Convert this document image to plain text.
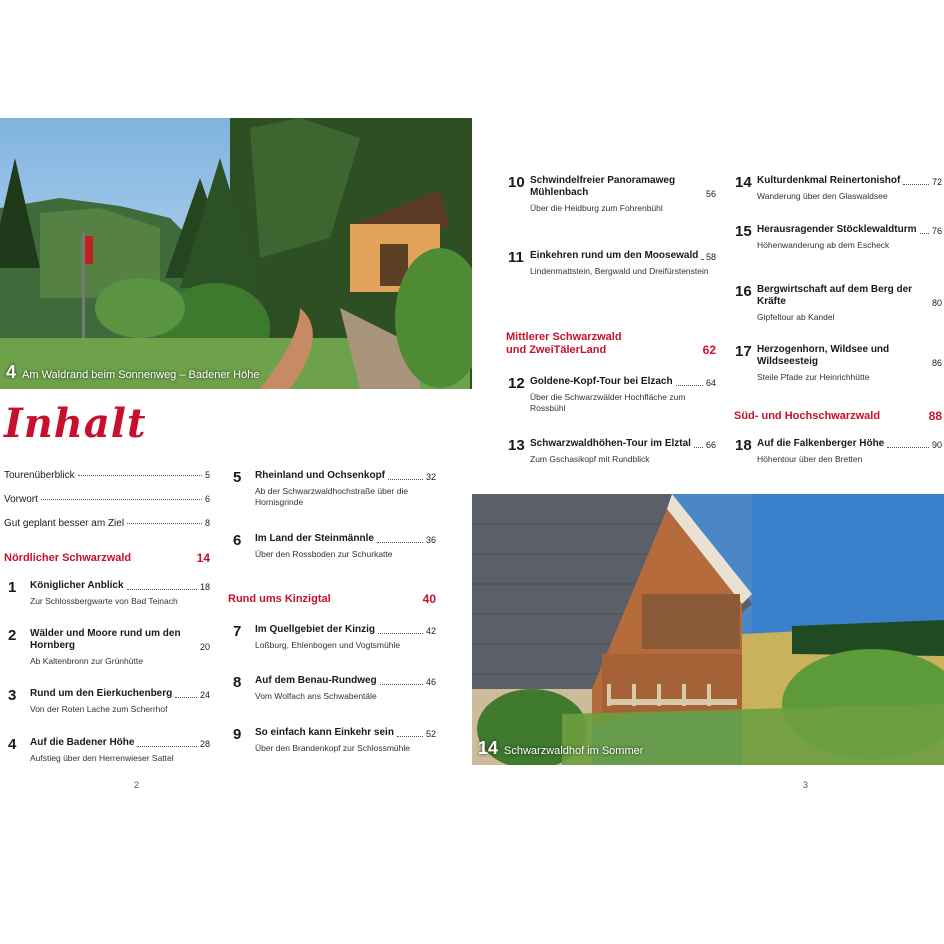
4 Am Waldrand beim Sonnenweg – Badener Höhe
14 Schwarzwaldhof im Sommer
Inhalt
Tourenüberblick	5
Vorwort	6
Gut geplant besser am Ziel	8
Nördlicher Schwarzwald	14
Rund ums Kinzigtal	40
Mittlerer Schwarzwald
und ZweiTälerLand	62
Süd- und Hochschwarzwald	88
1	Königlicher Anblick	18
Zur Schlossbergwarte von Bad Teinach
2	Wälder und Moore rund um den Hornberg	20
Ab Kaltenbronn zur Grünhütte
3	Rund um den Eierkuchenberg	24
Von der Roten Lache zum Scherrhof
4	Auf die Badener Höhe	28
Aufstieg über den Herrenwieser Sattel
5	Rheinland und Ochsenkopf	32
Ab der Schwarzwaldhochstraße über die Hornisgrinde
6	Im Land der Steinmännle	36
Über den Rossboden zur Schurkatte
7	Im Quellgebiet der Kinzig	42
Loßburg, Ehlenbogen und Vogtsmühle
8	Auf dem Benau-Rundweg	46
Vom Wolfach ans Schwabentäle
9	So einfach kann Einkehr sein	52
Über den Brandenkopf zur Schlossmühle
10 Schwindelfreier Panoramaweg Mühlenbach	56
Über die Heidburg zum Fohrenbühl
11 Einkehren rund um den Moosewald 58
Lindenmattstein, Bergwald und Dreifürstenstein
12 Goldene-Kopf-Tour bei Elzach	64
Über die Schwarzwälder Hochfläche zum Rossbühl
13 Schwarzwaldhöhen-Tour im Elztal 66
Zum Gschasikopf mit Rundblick
14 Kulturdenkmal Reinertonishof	72
Wanderung über den Glaswaldsee
15 Herausragender Stöcklewaldturm 76
Höhenwanderung ab dem Escheck
16 Bergwirtschaft auf dem Berg der Kräfte	80
Gipfeltour ab Kandel
17 Herzogenhorn, Wildsee und Wildseesteig	86
Steile Pfade zur Heinrichhütte
18 Auf die Falkenberger Höhe	90
Höhentour über den Bretten
2	3
